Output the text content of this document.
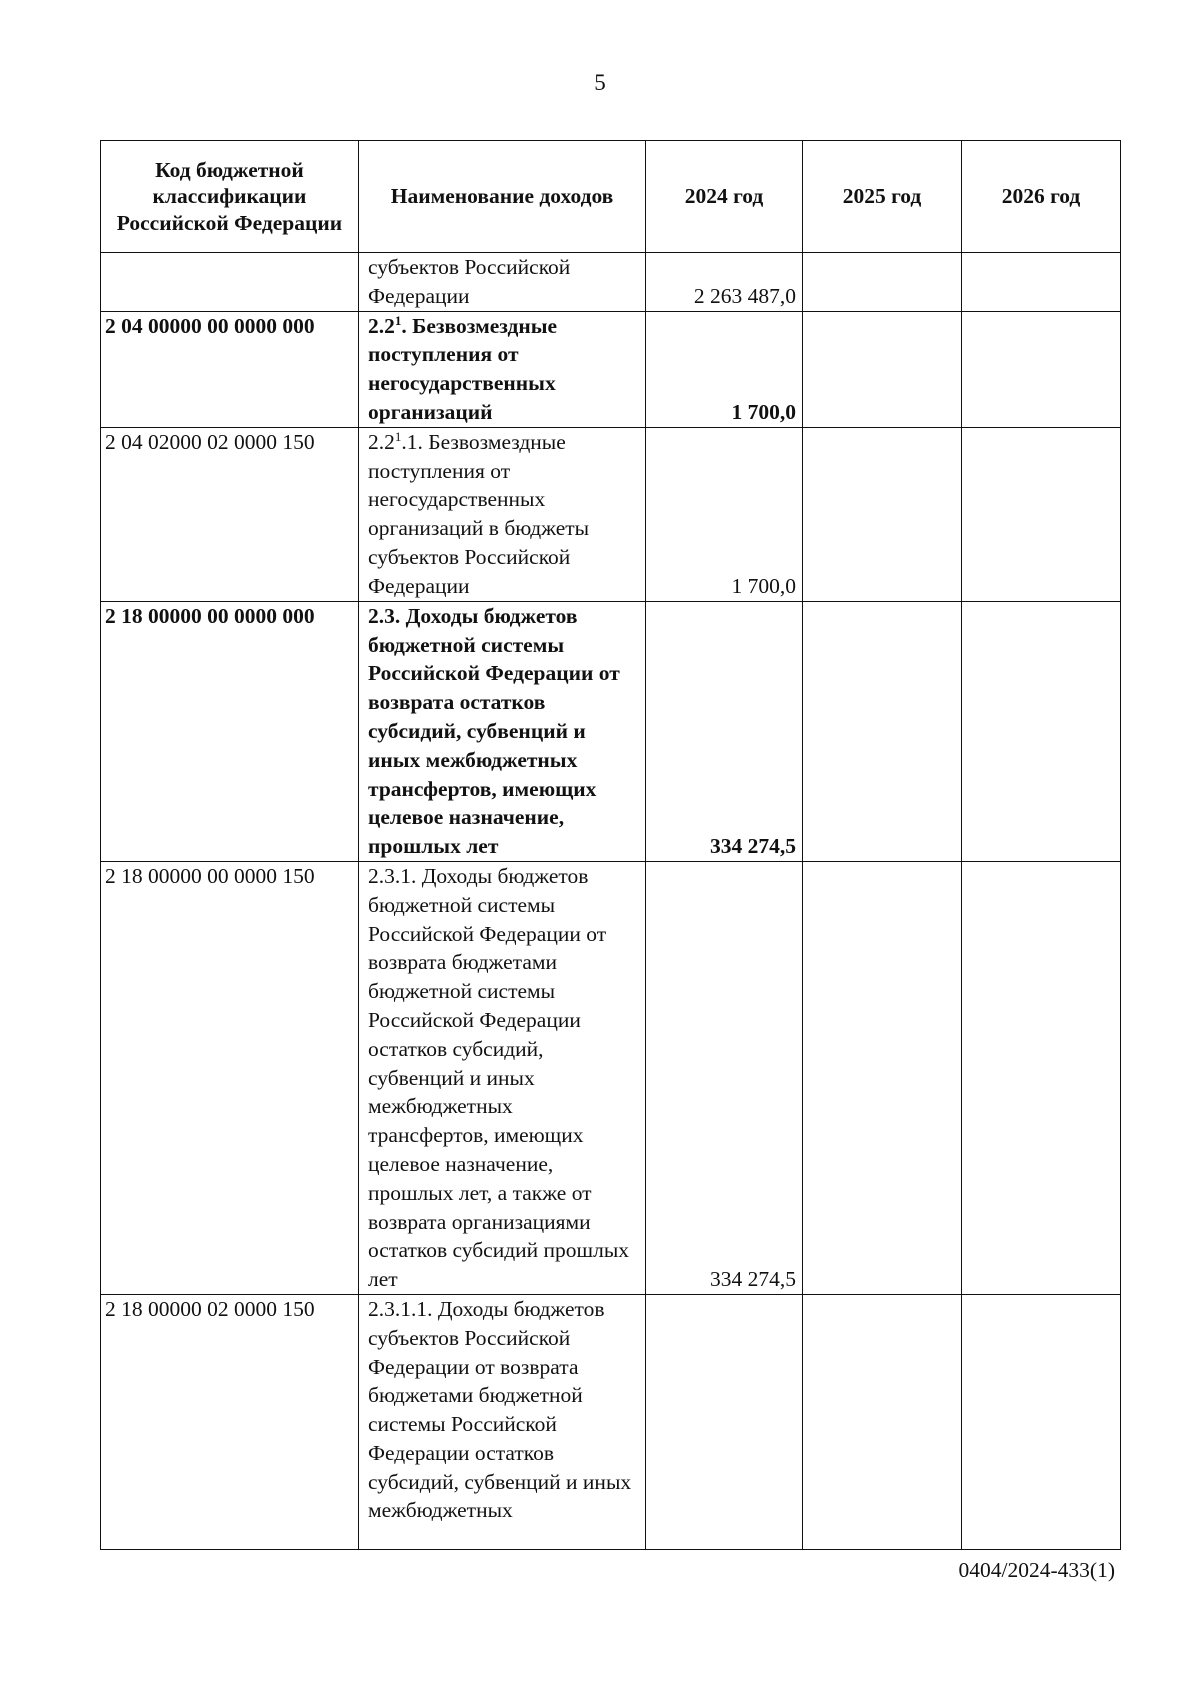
5
Код бюджетной классификации Российской Федерации	Наименование доходов	2024 год	2025 год	2026 год
	субъектов Российской Федерации	2 263 487,0		
2 04 00000 00 0000 000	$2.2^1$. Безвозмездные поступления от негосударственных организаций	1 700,0		
2 04 02000 02 0000 150	$2.2^1.1$. Безвозмездные поступления от негосударственных организаций в бюджеты субъектов Российской Федерации	1 700,0		
2 18 00000 00 0000 000	2.3. Доходы бюджетов бюджетной системы Российской Федерации от возврата остатков субсидий, субвенций и иных межбюджетных трансфертов, имеющих целевое назначение, прошлых лет	334 274,5		
2 18 00000 00 0000 150	2.3.1. Доходы бюджетов бюджетной системы Российской Федерации от возврата бюджетами бюджетной системы Российской Федерации остатков субсидий, субвенций и иных межбюджетных трансфертов, имеющих целевое назначение, прошлых лет, а также от возврата организациями остатков субсидий прошлых лет	334 274,5		
2 18 00000 02 0000 150	2.3.1.1. Доходы бюджетов субъектов Российской Федерации от возврата бюджетами бюджетной системы Российской Федерации остатков субсидий, субвенций и иных межбюджетных			
0404/2024-433(1)
